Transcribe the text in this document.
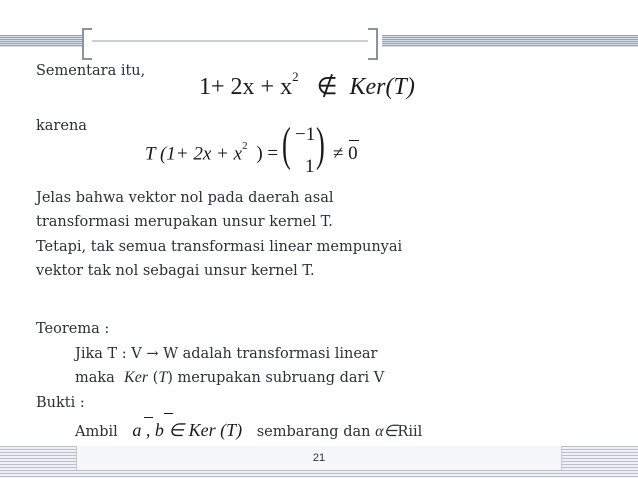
Sementara itu,
$1+ 2x + x^2$ ∉ Ker(T)
karena
T ($1+ 2x + x^2$ ) = ( −1
1 ) ≠ 0
Jelas bahwa vektor nol pada daerah asal
transformasi merupakan unsur kernel T.
Tetapi, tak semua transformasi linear mempunyai
vektor tak nol sebagai unsur kernel T.
Teorema :
Jika T : V → W adalah transformasi linear
maka Ker (T) merupakan subruang dari V
Bukti :
Ambil a , b ∈ Ker (T) sembarang dan α∈Riil
21
